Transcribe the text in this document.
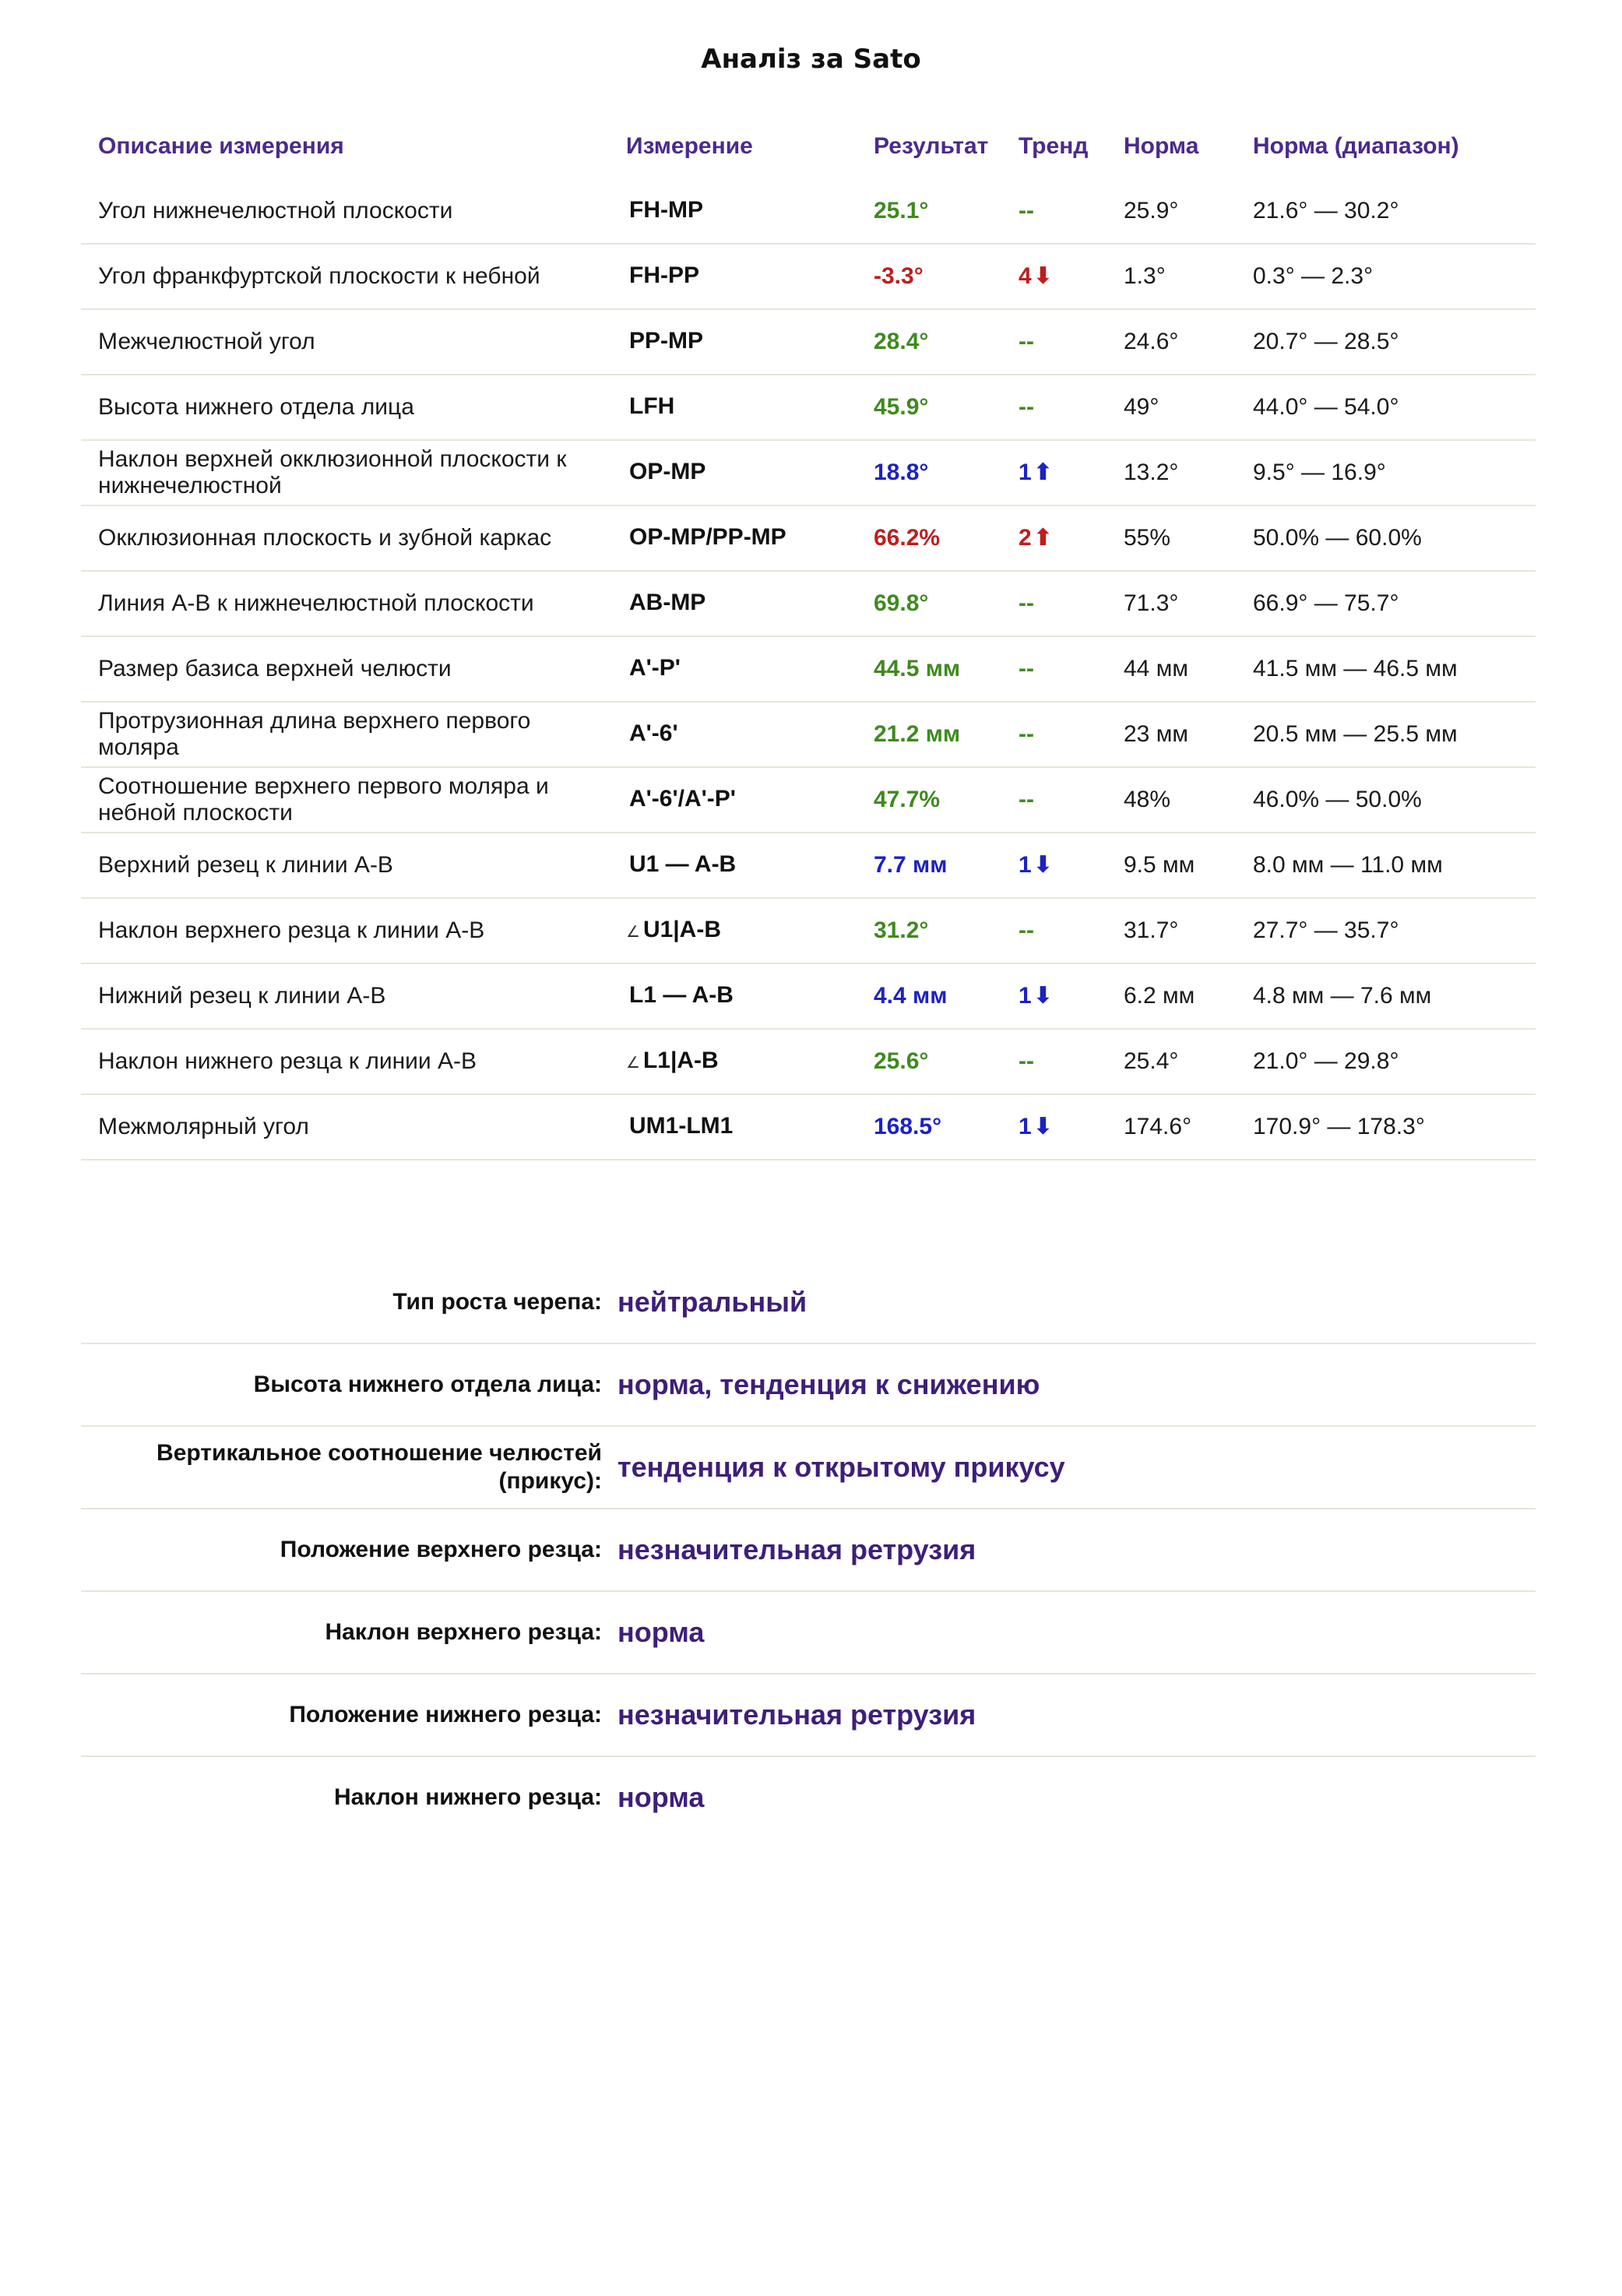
Аналіз за Sato
Описание измерения	Измерение	Результат	Тренд	Норма	Норма (диапазон)
Угол нижнечелюстной плоскости	FH-MP	25.1°	--	25.9°	21.6° — 30.2°
Угол франкфуртской плоскости к небной	FH-PP	-3.3°	4⬇	1.3°	0.3° — 2.3°
Межчелюстной угол	PP-MP	28.4°	--	24.6°	20.7° — 28.5°
Высота нижнего отдела лица	LFH	45.9°	--	49°	44.0° — 54.0°
Наклон верхней окклюзионной плоскости к нижнечелюстной	OP-MP	18.8°	1⬆	13.2°	9.5° — 16.9°
Окклюзионная плоскость и зубной каркас	OP-MP/PP-MP	66.2%	2⬆	55%	50.0% — 60.0%
Линия A-B к нижнечелюстной плоскости	AB-MP	69.8°	--	71.3°	66.9° — 75.7°
Размер базиса верхней челюсти	A'-P'	44.5 мм	--	44 мм	41.5 мм — 46.5 мм
Протрузионная длина верхнего первого моляра	A'-6'	21.2 мм	--	23 мм	20.5 мм — 25.5 мм
Соотношение верхнего первого моляра и небной плоскости	A'-6'/A'-P'	47.7%	--	48%	46.0% — 50.0%
Верхний резец к линии A-B	U1 — A-B	7.7 мм	1⬇	9.5 мм	8.0 мм — 11.0 мм
Наклон верхнего резца к линии A-B	∠ U1|A-B	31.2°	--	31.7°	27.7° — 35.7°
Нижний резец к линии A-B	L1 — A-B	4.4 мм	1⬇	6.2 мм	4.8 мм — 7.6 мм
Наклон нижнего резца к линии A-B	∠ L1|A-B	25.6°	--	25.4°	21.0° — 29.8°
Межмолярный угол	UM1-LM1	168.5°	1⬇	174.6°	170.9° — 178.3°
Тип роста черепа:	нейтральный
Высота нижнего отдела лица:	норма, тенденция к снижению
Вертикальное соотношение челюстей (прикус):	тенденция к открытому прикусу
Положение верхнего резца:	незначительная ретрузия
Наклон верхнего резца:	норма
Положение нижнего резца:	незначительная ретрузия
Наклон нижнего резца:	норма
